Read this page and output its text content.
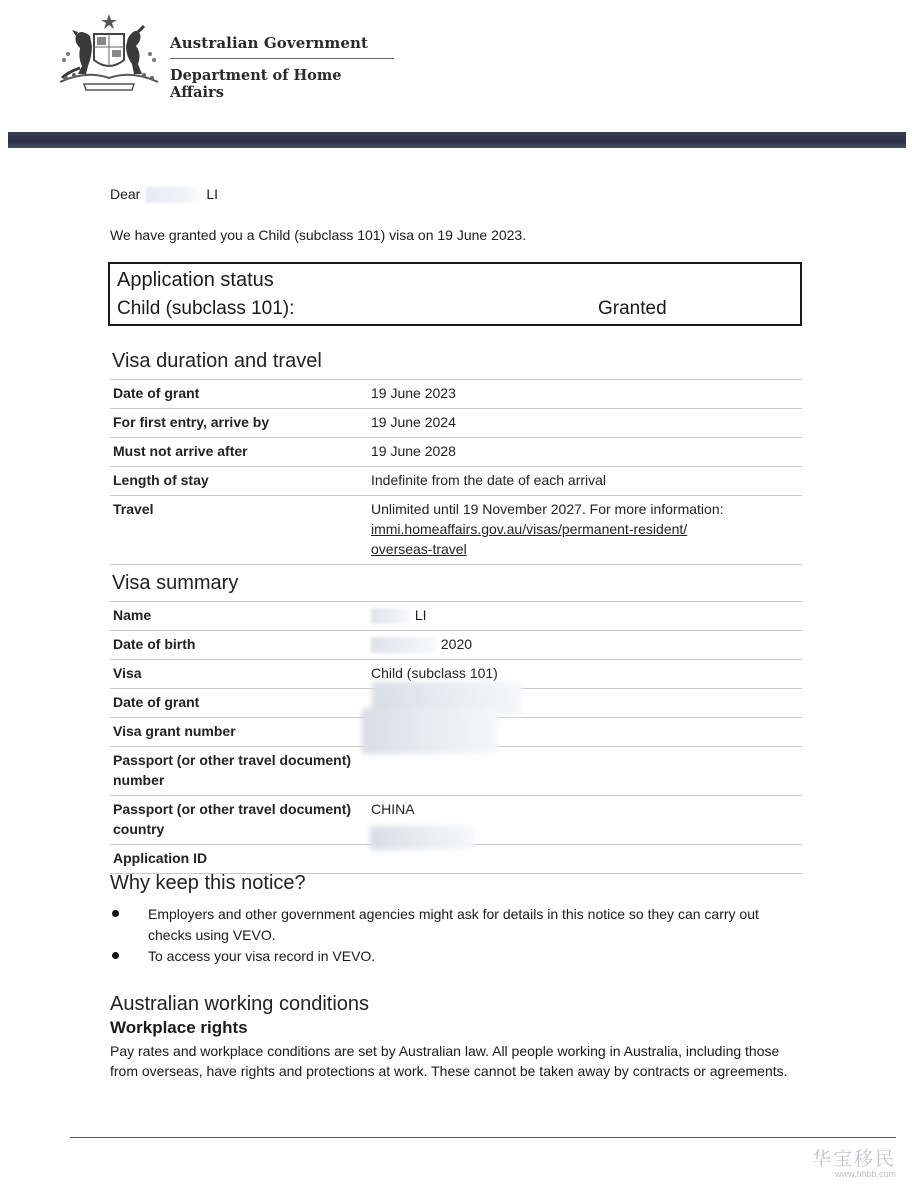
Australian Government
Department of Home Affairs
Dear	LI
We have granted you a Child (subclass 101) visa on 19 June 2023.
Application status
Child (subclass 101):	Granted
Visa duration and travel
Date of grant	19 June 2023
For first entry, arrive by	19 June 2024
Must not arrive after	19 June 2028
Length of stay	Indefinite from the date of each arrival
Travel	Unlimited until 19 November 2027. For more information:
immi.homeaffairs.gov.au/visas/permanent-resident/
overseas-travel
Visa summary
Name	LI
Date of birth	2020
Visa	Child (subclass 101)
Date of grant	
Visa grant number	
Passport (or other travel document) number	
Passport (or other travel document) country	CHINA
Application ID	
Why keep this notice?
Employers and other government agencies might ask for details in this notice so they can carry out checks using VEVO.
To access your visa record in VEVO.
Australian working conditions
Workplace rights
Pay rates and workplace conditions are set by Australian law. All people working in Australia, including those from overseas, have rights and protections at work. These cannot be taken away by contracts or agreements.
华宝移民
www.hhbb.com
